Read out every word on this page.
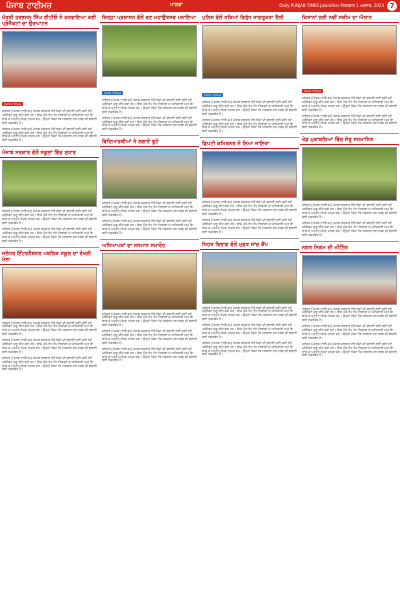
ਪੰਜਾਬ ਟਾਈਮਜ਼	ਮਾਲਵਾ	Daily PUNJAB TIMES Jalandhar ਮੰਗਲਵਾਰ 1 ਅਗਸਤ, 2023 7
ਮੰਤਰੀ ਹਰਭਜਨ ਸਿੰਘ ਈਟੀਓ ਨੇ ਕਰਵਾਇਆ ਕਈ ਪ੍ਰੋਜੈਕਟਾਂ ਦਾ ਉਦਘਾਟਨ
ਪੰਜਾਬ ਟਾਈਮਜ਼
ਜਲੰਧਰ (ਪੰਜਾਬ ਟਾਈਮਜ਼) ਪੰਜਾਬ ਸਰਕਾਰ ਵੱਲੋਂ ਲੋਕਾਂ ਦੀ ਭਲਾਈ ਲਈ ਕਈ ਨਵੇਂ ਪ੍ਰੋਜੈਕਟ ਸ਼ੁਰੂ ਕੀਤੇ ਗਏ ਹਨ। ਇਸ ਮੌਕੇ ਵੱਖ ਵੱਖ ਵਿਭਾਗਾਂ ਦੇ ਅਧਿਕਾਰੀ ਅਤੇ ਇਲਾਕੇ ਦੇ ਪਤਵੰਤੇ ਸੱਜਣ ਹਾਜ਼ਰ ਸਨ। ਉਨ੍ਹਾਂ ਕਿਹਾ ਕਿ ਸਰਕਾਰ ਹਰ ਵਰਗ ਦੀ ਭਲਾਈ ਲਈ ਵਚਨਬੱਧ ਹੈ।
ਜਲੰਧਰ (ਪੰਜਾਬ ਟਾਈਮਜ਼) ਪੰਜਾਬ ਸਰਕਾਰ ਵੱਲੋਂ ਲੋਕਾਂ ਦੀ ਭਲਾਈ ਲਈ ਕਈ ਨਵੇਂ ਪ੍ਰੋਜੈਕਟ ਸ਼ੁਰੂ ਕੀਤੇ ਗਏ ਹਨ। ਇਸ ਮੌਕੇ ਵੱਖ ਵੱਖ ਵਿਭਾਗਾਂ ਦੇ ਅਧਿਕਾਰੀ ਅਤੇ ਇਲਾਕੇ ਦੇ ਪਤਵੰਤੇ ਸੱਜਣ ਹਾਜ਼ਰ ਸਨ। ਉਨ੍ਹਾਂ ਕਿਹਾ ਕਿ ਸਰਕਾਰ ਹਰ ਵਰਗ ਦੀ ਭਲਾਈ ਲਈ ਵਚਨਬੱਧ ਹੈ।
ਪੰਜਾਬ ਸਰਕਾਰ ਵੱਲੋਂ ਸਕੂਲਾਂ ਵਿੱਚ ਸੁਧਾਰ
ਜਲੰਧਰ (ਪੰਜਾਬ ਟਾਈਮਜ਼) ਪੰਜਾਬ ਸਰਕਾਰ ਵੱਲੋਂ ਲੋਕਾਂ ਦੀ ਭਲਾਈ ਲਈ ਕਈ ਨਵੇਂ ਪ੍ਰੋਜੈਕਟ ਸ਼ੁਰੂ ਕੀਤੇ ਗਏ ਹਨ। ਇਸ ਮੌਕੇ ਵੱਖ ਵੱਖ ਵਿਭਾਗਾਂ ਦੇ ਅਧਿਕਾਰੀ ਅਤੇ ਇਲਾਕੇ ਦੇ ਪਤਵੰਤੇ ਸੱਜਣ ਹਾਜ਼ਰ ਸਨ। ਉਨ੍ਹਾਂ ਕਿਹਾ ਕਿ ਸਰਕਾਰ ਹਰ ਵਰਗ ਦੀ ਭਲਾਈ ਲਈ ਵਚਨਬੱਧ ਹੈ।
ਜਲੰਧਰ (ਪੰਜਾਬ ਟਾਈਮਜ਼) ਪੰਜਾਬ ਸਰਕਾਰ ਵੱਲੋਂ ਲੋਕਾਂ ਦੀ ਭਲਾਈ ਲਈ ਕਈ ਨਵੇਂ ਪ੍ਰੋਜੈਕਟ ਸ਼ੁਰੂ ਕੀਤੇ ਗਏ ਹਨ। ਇਸ ਮੌਕੇ ਵੱਖ ਵੱਖ ਵਿਭਾਗਾਂ ਦੇ ਅਧਿਕਾਰੀ ਅਤੇ ਇਲਾਕੇ ਦੇ ਪਤਵੰਤੇ ਸੱਜਣ ਹਾਜ਼ਰ ਸਨ। ਉਨ੍ਹਾਂ ਕਿਹਾ ਕਿ ਸਰਕਾਰ ਹਰ ਵਰਗ ਦੀ ਭਲਾਈ ਲਈ ਵਚਨਬੱਧ ਹੈ।
ਜਲੰਧਰ ਇੰਟਰਨੈਸ਼ਨਲ ਪਬਲਿਕ ਸਕੂਲ ਦਾ ਰੱਖੜੀ ਮੇਲਾ
ਜਲੰਧਰ (ਪੰਜਾਬ ਟਾਈਮਜ਼) ਪੰਜਾਬ ਸਰਕਾਰ ਵੱਲੋਂ ਲੋਕਾਂ ਦੀ ਭਲਾਈ ਲਈ ਕਈ ਨਵੇਂ ਪ੍ਰੋਜੈਕਟ ਸ਼ੁਰੂ ਕੀਤੇ ਗਏ ਹਨ। ਇਸ ਮੌਕੇ ਵੱਖ ਵੱਖ ਵਿਭਾਗਾਂ ਦੇ ਅਧਿਕਾਰੀ ਅਤੇ ਇਲਾਕੇ ਦੇ ਪਤਵੰਤੇ ਸੱਜਣ ਹਾਜ਼ਰ ਸਨ। ਉਨ੍ਹਾਂ ਕਿਹਾ ਕਿ ਸਰਕਾਰ ਹਰ ਵਰਗ ਦੀ ਭਲਾਈ ਲਈ ਵਚਨਬੱਧ ਹੈ।
ਜਲੰਧਰ (ਪੰਜਾਬ ਟਾਈਮਜ਼) ਪੰਜਾਬ ਸਰਕਾਰ ਵੱਲੋਂ ਲੋਕਾਂ ਦੀ ਭਲਾਈ ਲਈ ਕਈ ਨਵੇਂ ਪ੍ਰੋਜੈਕਟ ਸ਼ੁਰੂ ਕੀਤੇ ਗਏ ਹਨ। ਇਸ ਮੌਕੇ ਵੱਖ ਵੱਖ ਵਿਭਾਗਾਂ ਦੇ ਅਧਿਕਾਰੀ ਅਤੇ ਇਲਾਕੇ ਦੇ ਪਤਵੰਤੇ ਸੱਜਣ ਹਾਜ਼ਰ ਸਨ। ਉਨ੍ਹਾਂ ਕਿਹਾ ਕਿ ਸਰਕਾਰ ਹਰ ਵਰਗ ਦੀ ਭਲਾਈ ਲਈ ਵਚਨਬੱਧ ਹੈ।
ਜਲੰਧਰ (ਪੰਜਾਬ ਟਾਈਮਜ਼) ਪੰਜਾਬ ਸਰਕਾਰ ਵੱਲੋਂ ਲੋਕਾਂ ਦੀ ਭਲਾਈ ਲਈ ਕਈ ਨਵੇਂ ਪ੍ਰੋਜੈਕਟ ਸ਼ੁਰੂ ਕੀਤੇ ਗਏ ਹਨ। ਇਸ ਮੌਕੇ ਵੱਖ ਵੱਖ ਵਿਭਾਗਾਂ ਦੇ ਅਧਿਕਾਰੀ ਅਤੇ ਇਲਾਕੇ ਦੇ ਪਤਵੰਤੇ ਸੱਜਣ ਹਾਜ਼ਰ ਸਨ। ਉਨ੍ਹਾਂ ਕਿਹਾ ਕਿ ਸਰਕਾਰ ਹਰ ਵਰਗ ਦੀ ਭਲਾਈ ਲਈ ਵਚਨਬੱਧ ਹੈ।
ਜ਼ਿਲ੍ਹਾ ਪ੍ਰਸ਼ਾਸਨ ਵੱਲੋਂ ਵਣ ਮਹਾਉਤਸਵ ਮਨਾਇਆ
ਪੰਜਾਬ ਟਾਈਮਜ਼
ਜਲੰਧਰ (ਪੰਜਾਬ ਟਾਈਮਜ਼) ਪੰਜਾਬ ਸਰਕਾਰ ਵੱਲੋਂ ਲੋਕਾਂ ਦੀ ਭਲਾਈ ਲਈ ਕਈ ਨਵੇਂ ਪ੍ਰੋਜੈਕਟ ਸ਼ੁਰੂ ਕੀਤੇ ਗਏ ਹਨ। ਇਸ ਮੌਕੇ ਵੱਖ ਵੱਖ ਵਿਭਾਗਾਂ ਦੇ ਅਧਿਕਾਰੀ ਅਤੇ ਇਲਾਕੇ ਦੇ ਪਤਵੰਤੇ ਸੱਜਣ ਹਾਜ਼ਰ ਸਨ। ਉਨ੍ਹਾਂ ਕਿਹਾ ਕਿ ਸਰਕਾਰ ਹਰ ਵਰਗ ਦੀ ਭਲਾਈ ਲਈ ਵਚਨਬੱਧ ਹੈ।
ਜਲੰਧਰ (ਪੰਜਾਬ ਟਾਈਮਜ਼) ਪੰਜਾਬ ਸਰਕਾਰ ਵੱਲੋਂ ਲੋਕਾਂ ਦੀ ਭਲਾਈ ਲਈ ਕਈ ਨਵੇਂ ਪ੍ਰੋਜੈਕਟ ਸ਼ੁਰੂ ਕੀਤੇ ਗਏ ਹਨ। ਇਸ ਮੌਕੇ ਵੱਖ ਵੱਖ ਵਿਭਾਗਾਂ ਦੇ ਅਧਿਕਾਰੀ ਅਤੇ ਇਲਾਕੇ ਦੇ ਪਤਵੰਤੇ ਸੱਜਣ ਹਾਜ਼ਰ ਸਨ। ਉਨ੍ਹਾਂ ਕਿਹਾ ਕਿ ਸਰਕਾਰ ਹਰ ਵਰਗ ਦੀ ਭਲਾਈ ਲਈ ਵਚਨਬੱਧ ਹੈ।
ਵਿਦਿਆਰਥੀਆਂ ਨੇ ਲਗਾਏ ਬੂਟੇ
ਜਲੰਧਰ (ਪੰਜਾਬ ਟਾਈਮਜ਼) ਪੰਜਾਬ ਸਰਕਾਰ ਵੱਲੋਂ ਲੋਕਾਂ ਦੀ ਭਲਾਈ ਲਈ ਕਈ ਨਵੇਂ ਪ੍ਰੋਜੈਕਟ ਸ਼ੁਰੂ ਕੀਤੇ ਗਏ ਹਨ। ਇਸ ਮੌਕੇ ਵੱਖ ਵੱਖ ਵਿਭਾਗਾਂ ਦੇ ਅਧਿਕਾਰੀ ਅਤੇ ਇਲਾਕੇ ਦੇ ਪਤਵੰਤੇ ਸੱਜਣ ਹਾਜ਼ਰ ਸਨ। ਉਨ੍ਹਾਂ ਕਿਹਾ ਕਿ ਸਰਕਾਰ ਹਰ ਵਰਗ ਦੀ ਭਲਾਈ ਲਈ ਵਚਨਬੱਧ ਹੈ।
ਜਲੰਧਰ (ਪੰਜਾਬ ਟਾਈਮਜ਼) ਪੰਜਾਬ ਸਰਕਾਰ ਵੱਲੋਂ ਲੋਕਾਂ ਦੀ ਭਲਾਈ ਲਈ ਕਈ ਨਵੇਂ ਪ੍ਰੋਜੈਕਟ ਸ਼ੁਰੂ ਕੀਤੇ ਗਏ ਹਨ। ਇਸ ਮੌਕੇ ਵੱਖ ਵੱਖ ਵਿਭਾਗਾਂ ਦੇ ਅਧਿਕਾਰੀ ਅਤੇ ਇਲਾਕੇ ਦੇ ਪਤਵੰਤੇ ਸੱਜਣ ਹਾਜ਼ਰ ਸਨ। ਉਨ੍ਹਾਂ ਕਿਹਾ ਕਿ ਸਰਕਾਰ ਹਰ ਵਰਗ ਦੀ ਭਲਾਈ ਲਈ ਵਚਨਬੱਧ ਹੈ।
ਅਧਿਆਪਕਾਂ ਦਾ ਸਨਮਾਨ ਸਮਾਰੋਹ
ਜਲੰਧਰ (ਪੰਜਾਬ ਟਾਈਮਜ਼) ਪੰਜਾਬ ਸਰਕਾਰ ਵੱਲੋਂ ਲੋਕਾਂ ਦੀ ਭਲਾਈ ਲਈ ਕਈ ਨਵੇਂ ਪ੍ਰੋਜੈਕਟ ਸ਼ੁਰੂ ਕੀਤੇ ਗਏ ਹਨ। ਇਸ ਮੌਕੇ ਵੱਖ ਵੱਖ ਵਿਭਾਗਾਂ ਦੇ ਅਧਿਕਾਰੀ ਅਤੇ ਇਲਾਕੇ ਦੇ ਪਤਵੰਤੇ ਸੱਜਣ ਹਾਜ਼ਰ ਸਨ। ਉਨ੍ਹਾਂ ਕਿਹਾ ਕਿ ਸਰਕਾਰ ਹਰ ਵਰਗ ਦੀ ਭਲਾਈ ਲਈ ਵਚਨਬੱਧ ਹੈ।
ਜਲੰਧਰ (ਪੰਜਾਬ ਟਾਈਮਜ਼) ਪੰਜਾਬ ਸਰਕਾਰ ਵੱਲੋਂ ਲੋਕਾਂ ਦੀ ਭਲਾਈ ਲਈ ਕਈ ਨਵੇਂ ਪ੍ਰੋਜੈਕਟ ਸ਼ੁਰੂ ਕੀਤੇ ਗਏ ਹਨ। ਇਸ ਮੌਕੇ ਵੱਖ ਵੱਖ ਵਿਭਾਗਾਂ ਦੇ ਅਧਿਕਾਰੀ ਅਤੇ ਇਲਾਕੇ ਦੇ ਪਤਵੰਤੇ ਸੱਜਣ ਹਾਜ਼ਰ ਸਨ। ਉਨ੍ਹਾਂ ਕਿਹਾ ਕਿ ਸਰਕਾਰ ਹਰ ਵਰਗ ਦੀ ਭਲਾਈ ਲਈ ਵਚਨਬੱਧ ਹੈ।
ਜਲੰਧਰ (ਪੰਜਾਬ ਟਾਈਮਜ਼) ਪੰਜਾਬ ਸਰਕਾਰ ਵੱਲੋਂ ਲੋਕਾਂ ਦੀ ਭਲਾਈ ਲਈ ਕਈ ਨਵੇਂ ਪ੍ਰੋਜੈਕਟ ਸ਼ੁਰੂ ਕੀਤੇ ਗਏ ਹਨ। ਇਸ ਮੌਕੇ ਵੱਖ ਵੱਖ ਵਿਭਾਗਾਂ ਦੇ ਅਧਿਕਾਰੀ ਅਤੇ ਇਲਾਕੇ ਦੇ ਪਤਵੰਤੇ ਸੱਜਣ ਹਾਜ਼ਰ ਸਨ। ਉਨ੍ਹਾਂ ਕਿਹਾ ਕਿ ਸਰਕਾਰ ਹਰ ਵਰਗ ਦੀ ਭਲਾਈ ਲਈ ਵਚਨਬੱਧ ਹੈ।
ਪੁਲਿਸ ਵੱਲੋਂ ਨਸ਼ਿਆਂ ਵਿਰੁੱਧ ਜਾਗਰੂਕਤਾ ਰੈਲੀ
ਪੰਜਾਬ ਟਾਈਮਜ਼
ਜਲੰਧਰ (ਪੰਜਾਬ ਟਾਈਮਜ਼) ਪੰਜਾਬ ਸਰਕਾਰ ਵੱਲੋਂ ਲੋਕਾਂ ਦੀ ਭਲਾਈ ਲਈ ਕਈ ਨਵੇਂ ਪ੍ਰੋਜੈਕਟ ਸ਼ੁਰੂ ਕੀਤੇ ਗਏ ਹਨ। ਇਸ ਮੌਕੇ ਵੱਖ ਵੱਖ ਵਿਭਾਗਾਂ ਦੇ ਅਧਿਕਾਰੀ ਅਤੇ ਇਲਾਕੇ ਦੇ ਪਤਵੰਤੇ ਸੱਜਣ ਹਾਜ਼ਰ ਸਨ। ਉਨ੍ਹਾਂ ਕਿਹਾ ਕਿ ਸਰਕਾਰ ਹਰ ਵਰਗ ਦੀ ਭਲਾਈ ਲਈ ਵਚਨਬੱਧ ਹੈ।
ਜਲੰਧਰ (ਪੰਜਾਬ ਟਾਈਮਜ਼) ਪੰਜਾਬ ਸਰਕਾਰ ਵੱਲੋਂ ਲੋਕਾਂ ਦੀ ਭਲਾਈ ਲਈ ਕਈ ਨਵੇਂ ਪ੍ਰੋਜੈਕਟ ਸ਼ੁਰੂ ਕੀਤੇ ਗਏ ਹਨ। ਇਸ ਮੌਕੇ ਵੱਖ ਵੱਖ ਵਿਭਾਗਾਂ ਦੇ ਅਧਿਕਾਰੀ ਅਤੇ ਇਲਾਕੇ ਦੇ ਪਤਵੰਤੇ ਸੱਜਣ ਹਾਜ਼ਰ ਸਨ। ਉਨ੍ਹਾਂ ਕਿਹਾ ਕਿ ਸਰਕਾਰ ਹਰ ਵਰਗ ਦੀ ਭਲਾਈ ਲਈ ਵਚਨਬੱਧ ਹੈ।
ਡਿਪਟੀ ਕਮਿਸ਼ਨਰ ਨੇ ਲਿਆ ਜਾਇਜ਼ਾ
ਜਲੰਧਰ (ਪੰਜਾਬ ਟਾਈਮਜ਼) ਪੰਜਾਬ ਸਰਕਾਰ ਵੱਲੋਂ ਲੋਕਾਂ ਦੀ ਭਲਾਈ ਲਈ ਕਈ ਨਵੇਂ ਪ੍ਰੋਜੈਕਟ ਸ਼ੁਰੂ ਕੀਤੇ ਗਏ ਹਨ। ਇਸ ਮੌਕੇ ਵੱਖ ਵੱਖ ਵਿਭਾਗਾਂ ਦੇ ਅਧਿਕਾਰੀ ਅਤੇ ਇਲਾਕੇ ਦੇ ਪਤਵੰਤੇ ਸੱਜਣ ਹਾਜ਼ਰ ਸਨ। ਉਨ੍ਹਾਂ ਕਿਹਾ ਕਿ ਸਰਕਾਰ ਹਰ ਵਰਗ ਦੀ ਭਲਾਈ ਲਈ ਵਚਨਬੱਧ ਹੈ।
ਜਲੰਧਰ (ਪੰਜਾਬ ਟਾਈਮਜ਼) ਪੰਜਾਬ ਸਰਕਾਰ ਵੱਲੋਂ ਲੋਕਾਂ ਦੀ ਭਲਾਈ ਲਈ ਕਈ ਨਵੇਂ ਪ੍ਰੋਜੈਕਟ ਸ਼ੁਰੂ ਕੀਤੇ ਗਏ ਹਨ। ਇਸ ਮੌਕੇ ਵੱਖ ਵੱਖ ਵਿਭਾਗਾਂ ਦੇ ਅਧਿਕਾਰੀ ਅਤੇ ਇਲਾਕੇ ਦੇ ਪਤਵੰਤੇ ਸੱਜਣ ਹਾਜ਼ਰ ਸਨ। ਉਨ੍ਹਾਂ ਕਿਹਾ ਕਿ ਸਰਕਾਰ ਹਰ ਵਰਗ ਦੀ ਭਲਾਈ ਲਈ ਵਚਨਬੱਧ ਹੈ।
ਸਿਹਤ ਵਿਭਾਗ ਵੱਲੋਂ ਮੁਫ਼ਤ ਜਾਂਚ ਕੈਂਪ
ਜਲੰਧਰ (ਪੰਜਾਬ ਟਾਈਮਜ਼) ਪੰਜਾਬ ਸਰਕਾਰ ਵੱਲੋਂ ਲੋਕਾਂ ਦੀ ਭਲਾਈ ਲਈ ਕਈ ਨਵੇਂ ਪ੍ਰੋਜੈਕਟ ਸ਼ੁਰੂ ਕੀਤੇ ਗਏ ਹਨ। ਇਸ ਮੌਕੇ ਵੱਖ ਵੱਖ ਵਿਭਾਗਾਂ ਦੇ ਅਧਿਕਾਰੀ ਅਤੇ ਇਲਾਕੇ ਦੇ ਪਤਵੰਤੇ ਸੱਜਣ ਹਾਜ਼ਰ ਸਨ। ਉਨ੍ਹਾਂ ਕਿਹਾ ਕਿ ਸਰਕਾਰ ਹਰ ਵਰਗ ਦੀ ਭਲਾਈ ਲਈ ਵਚਨਬੱਧ ਹੈ।
ਜਲੰਧਰ (ਪੰਜਾਬ ਟਾਈਮਜ਼) ਪੰਜਾਬ ਸਰਕਾਰ ਵੱਲੋਂ ਲੋਕਾਂ ਦੀ ਭਲਾਈ ਲਈ ਕਈ ਨਵੇਂ ਪ੍ਰੋਜੈਕਟ ਸ਼ੁਰੂ ਕੀਤੇ ਗਏ ਹਨ। ਇਸ ਮੌਕੇ ਵੱਖ ਵੱਖ ਵਿਭਾਗਾਂ ਦੇ ਅਧਿਕਾਰੀ ਅਤੇ ਇਲਾਕੇ ਦੇ ਪਤਵੰਤੇ ਸੱਜਣ ਹਾਜ਼ਰ ਸਨ। ਉਨ੍ਹਾਂ ਕਿਹਾ ਕਿ ਸਰਕਾਰ ਹਰ ਵਰਗ ਦੀ ਭਲਾਈ ਲਈ ਵਚਨਬੱਧ ਹੈ।
ਜਲੰਧਰ (ਪੰਜਾਬ ਟਾਈਮਜ਼) ਪੰਜਾਬ ਸਰਕਾਰ ਵੱਲੋਂ ਲੋਕਾਂ ਦੀ ਭਲਾਈ ਲਈ ਕਈ ਨਵੇਂ ਪ੍ਰੋਜੈਕਟ ਸ਼ੁਰੂ ਕੀਤੇ ਗਏ ਹਨ। ਇਸ ਮੌਕੇ ਵੱਖ ਵੱਖ ਵਿਭਾਗਾਂ ਦੇ ਅਧਿਕਾਰੀ ਅਤੇ ਇਲਾਕੇ ਦੇ ਪਤਵੰਤੇ ਸੱਜਣ ਹਾਜ਼ਰ ਸਨ। ਉਨ੍ਹਾਂ ਕਿਹਾ ਕਿ ਸਰਕਾਰ ਹਰ ਵਰਗ ਦੀ ਭਲਾਈ ਲਈ ਵਚਨਬੱਧ ਹੈ।
ਕਿਸਾਨਾਂ ਲਈ ਨਵੀਂ ਸਕੀਮ ਦਾ ਐਲਾਨ
ਪੰਜਾਬ ਟਾਈਮਜ਼
ਜਲੰਧਰ (ਪੰਜਾਬ ਟਾਈਮਜ਼) ਪੰਜਾਬ ਸਰਕਾਰ ਵੱਲੋਂ ਲੋਕਾਂ ਦੀ ਭਲਾਈ ਲਈ ਕਈ ਨਵੇਂ ਪ੍ਰੋਜੈਕਟ ਸ਼ੁਰੂ ਕੀਤੇ ਗਏ ਹਨ। ਇਸ ਮੌਕੇ ਵੱਖ ਵੱਖ ਵਿਭਾਗਾਂ ਦੇ ਅਧਿਕਾਰੀ ਅਤੇ ਇਲਾਕੇ ਦੇ ਪਤਵੰਤੇ ਸੱਜਣ ਹਾਜ਼ਰ ਸਨ। ਉਨ੍ਹਾਂ ਕਿਹਾ ਕਿ ਸਰਕਾਰ ਹਰ ਵਰਗ ਦੀ ਭਲਾਈ ਲਈ ਵਚਨਬੱਧ ਹੈ।
ਜਲੰਧਰ (ਪੰਜਾਬ ਟਾਈਮਜ਼) ਪੰਜਾਬ ਸਰਕਾਰ ਵੱਲੋਂ ਲੋਕਾਂ ਦੀ ਭਲਾਈ ਲਈ ਕਈ ਨਵੇਂ ਪ੍ਰੋਜੈਕਟ ਸ਼ੁਰੂ ਕੀਤੇ ਗਏ ਹਨ। ਇਸ ਮੌਕੇ ਵੱਖ ਵੱਖ ਵਿਭਾਗਾਂ ਦੇ ਅਧਿਕਾਰੀ ਅਤੇ ਇਲਾਕੇ ਦੇ ਪਤਵੰਤੇ ਸੱਜਣ ਹਾਜ਼ਰ ਸਨ। ਉਨ੍ਹਾਂ ਕਿਹਾ ਕਿ ਸਰਕਾਰ ਹਰ ਵਰਗ ਦੀ ਭਲਾਈ ਲਈ ਵਚਨਬੱਧ ਹੈ।
ਖੇਡ ਮੁਕਾਬਲਿਆਂ ਵਿੱਚ ਜੇਤੂ ਸਨਮਾਨਿਤ
ਜਲੰਧਰ (ਪੰਜਾਬ ਟਾਈਮਜ਼) ਪੰਜਾਬ ਸਰਕਾਰ ਵੱਲੋਂ ਲੋਕਾਂ ਦੀ ਭਲਾਈ ਲਈ ਕਈ ਨਵੇਂ ਪ੍ਰੋਜੈਕਟ ਸ਼ੁਰੂ ਕੀਤੇ ਗਏ ਹਨ। ਇਸ ਮੌਕੇ ਵੱਖ ਵੱਖ ਵਿਭਾਗਾਂ ਦੇ ਅਧਿਕਾਰੀ ਅਤੇ ਇਲਾਕੇ ਦੇ ਪਤਵੰਤੇ ਸੱਜਣ ਹਾਜ਼ਰ ਸਨ। ਉਨ੍ਹਾਂ ਕਿਹਾ ਕਿ ਸਰਕਾਰ ਹਰ ਵਰਗ ਦੀ ਭਲਾਈ ਲਈ ਵਚਨਬੱਧ ਹੈ।
ਜਲੰਧਰ (ਪੰਜਾਬ ਟਾਈਮਜ਼) ਪੰਜਾਬ ਸਰਕਾਰ ਵੱਲੋਂ ਲੋਕਾਂ ਦੀ ਭਲਾਈ ਲਈ ਕਈ ਨਵੇਂ ਪ੍ਰੋਜੈਕਟ ਸ਼ੁਰੂ ਕੀਤੇ ਗਏ ਹਨ। ਇਸ ਮੌਕੇ ਵੱਖ ਵੱਖ ਵਿਭਾਗਾਂ ਦੇ ਅਧਿਕਾਰੀ ਅਤੇ ਇਲਾਕੇ ਦੇ ਪਤਵੰਤੇ ਸੱਜਣ ਹਾਜ਼ਰ ਸਨ। ਉਨ੍ਹਾਂ ਕਿਹਾ ਕਿ ਸਰਕਾਰ ਹਰ ਵਰਗ ਦੀ ਭਲਾਈ ਲਈ ਵਚਨਬੱਧ ਹੈ।
ਨਗਰ ਨਿਗਮ ਦੀ ਮੀਟਿੰਗ
ਜਲੰਧਰ (ਪੰਜਾਬ ਟਾਈਮਜ਼) ਪੰਜਾਬ ਸਰਕਾਰ ਵੱਲੋਂ ਲੋਕਾਂ ਦੀ ਭਲਾਈ ਲਈ ਕਈ ਨਵੇਂ ਪ੍ਰੋਜੈਕਟ ਸ਼ੁਰੂ ਕੀਤੇ ਗਏ ਹਨ। ਇਸ ਮੌਕੇ ਵੱਖ ਵੱਖ ਵਿਭਾਗਾਂ ਦੇ ਅਧਿਕਾਰੀ ਅਤੇ ਇਲਾਕੇ ਦੇ ਪਤਵੰਤੇ ਸੱਜਣ ਹਾਜ਼ਰ ਸਨ। ਉਨ੍ਹਾਂ ਕਿਹਾ ਕਿ ਸਰਕਾਰ ਹਰ ਵਰਗ ਦੀ ਭਲਾਈ ਲਈ ਵਚਨਬੱਧ ਹੈ।
ਜਲੰਧਰ (ਪੰਜਾਬ ਟਾਈਮਜ਼) ਪੰਜਾਬ ਸਰਕਾਰ ਵੱਲੋਂ ਲੋਕਾਂ ਦੀ ਭਲਾਈ ਲਈ ਕਈ ਨਵੇਂ ਪ੍ਰੋਜੈਕਟ ਸ਼ੁਰੂ ਕੀਤੇ ਗਏ ਹਨ। ਇਸ ਮੌਕੇ ਵੱਖ ਵੱਖ ਵਿਭਾਗਾਂ ਦੇ ਅਧਿਕਾਰੀ ਅਤੇ ਇਲਾਕੇ ਦੇ ਪਤਵੰਤੇ ਸੱਜਣ ਹਾਜ਼ਰ ਸਨ। ਉਨ੍ਹਾਂ ਕਿਹਾ ਕਿ ਸਰਕਾਰ ਹਰ ਵਰਗ ਦੀ ਭਲਾਈ ਲਈ ਵਚਨਬੱਧ ਹੈ।
ਜਲੰਧਰ (ਪੰਜਾਬ ਟਾਈਮਜ਼) ਪੰਜਾਬ ਸਰਕਾਰ ਵੱਲੋਂ ਲੋਕਾਂ ਦੀ ਭਲਾਈ ਲਈ ਕਈ ਨਵੇਂ ਪ੍ਰੋਜੈਕਟ ਸ਼ੁਰੂ ਕੀਤੇ ਗਏ ਹਨ। ਇਸ ਮੌਕੇ ਵੱਖ ਵੱਖ ਵਿਭਾਗਾਂ ਦੇ ਅਧਿਕਾਰੀ ਅਤੇ ਇਲਾਕੇ ਦੇ ਪਤਵੰਤੇ ਸੱਜਣ ਹਾਜ਼ਰ ਸਨ। ਉਨ੍ਹਾਂ ਕਿਹਾ ਕਿ ਸਰਕਾਰ ਹਰ ਵਰਗ ਦੀ ਭਲਾਈ ਲਈ ਵਚਨਬੱਧ ਹੈ।
